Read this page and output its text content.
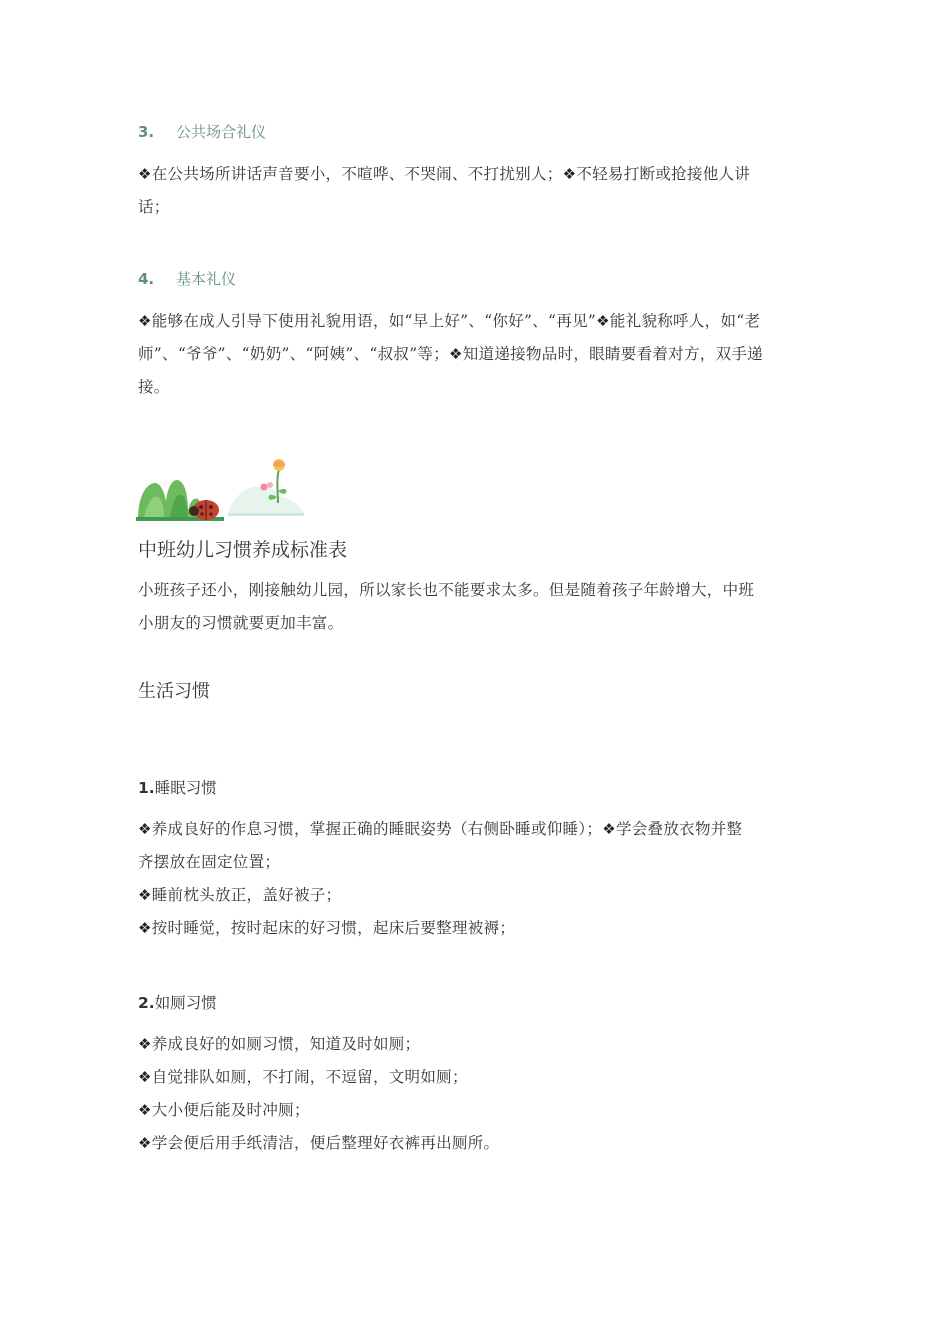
3. 公共场合礼仪
❖在公共场所讲话声音要小，不喧哗、不哭闹、不打扰别人；❖不轻易打断或抢接他人讲
话；
4. 基本礼仪
❖能够在成人引导下使用礼貌用语，如“早上好”、“你好”、“再见”❖能礼貌称呼人，如“老
师”、“爷爷”、“奶奶”、“阿姨”、“叔叔”等；❖知道递接物品时，眼睛要看着对方，双手递
接。
中班幼儿习惯养成标准表
小班孩子还小，刚接触幼儿园，所以家长也不能要求太多。但是随着孩子年龄增大，中班
小朋友的习惯就要更加丰富。
生活习惯
1.睡眠习惯
❖养成良好的作息习惯，掌握正确的睡眠姿势（右侧卧睡或仰睡）；❖学会叠放衣物并整
齐摆放在固定位置；
❖睡前枕头放正，盖好被子；
❖按时睡觉，按时起床的好习惯，起床后要整理被褥；
2.如厕习惯
❖养成良好的如厕习惯，知道及时如厕；
❖自觉排队如厕，不打闹，不逗留，文明如厕；
❖大小便后能及时冲厕；
❖学会便后用手纸清洁，便后整理好衣裤再出厕所。
